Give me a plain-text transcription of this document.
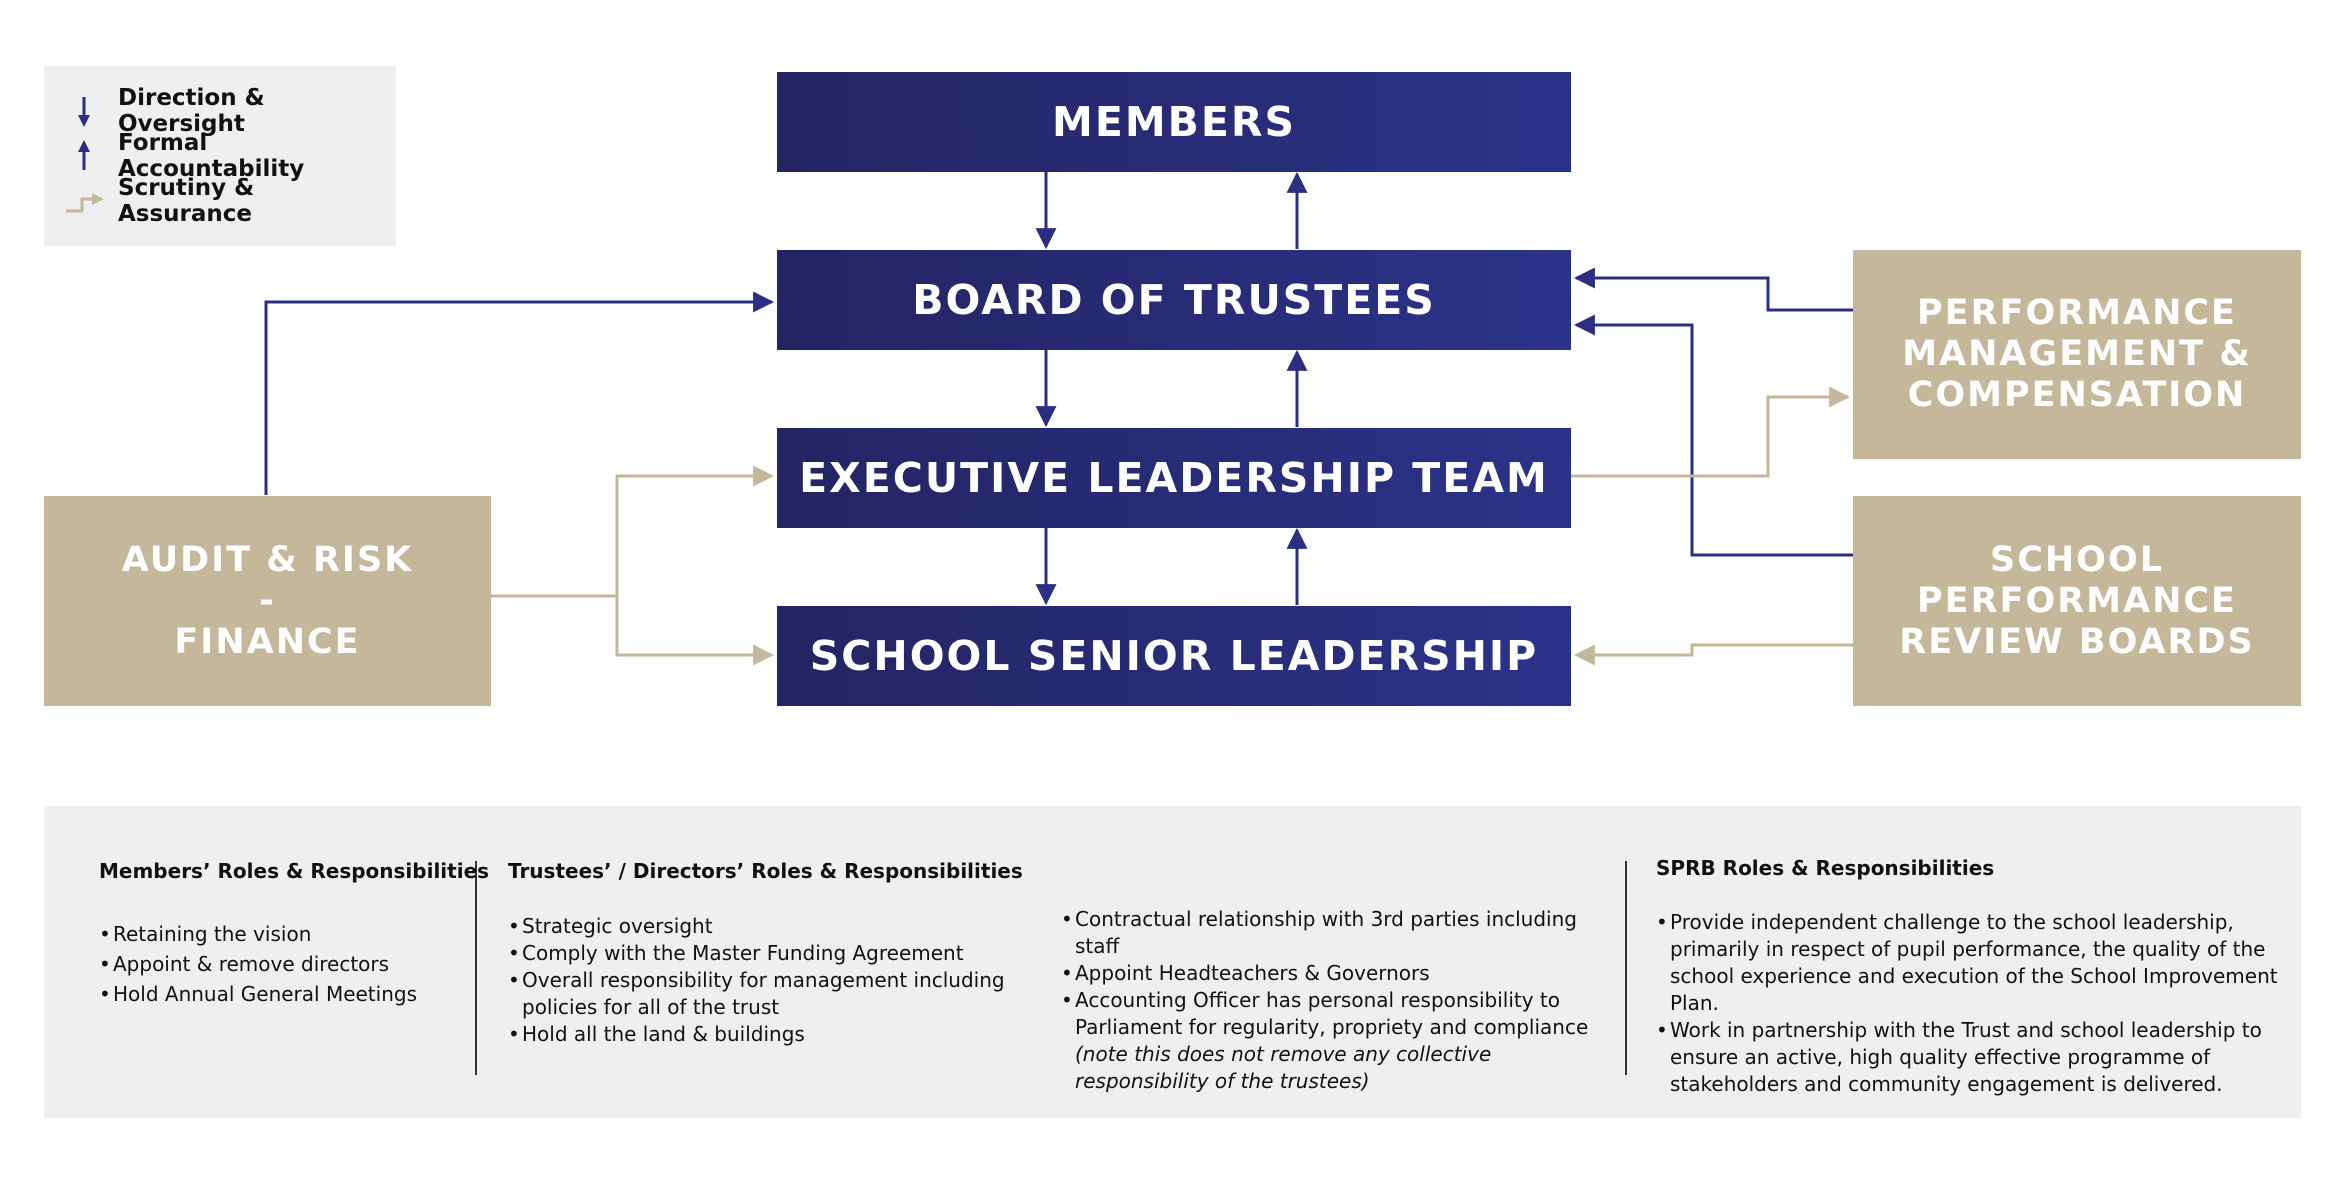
Direction & Oversight
Formal Accountability
Scrutiny & Assurance
MEMBERS
BOARD OF TRUSTEES
EXECUTIVE LEADERSHIP TEAM
SCHOOL SENIOR LEADERSHIP
AUDIT & RISK
-
FINANCE
PERFORMANCE
MANAGEMENT &
COMPENSATION
SCHOOL
PERFORMANCE
REVIEW BOARDS
Members’ Roles & Responsibilities
• Retaining the vision
• Appoint & remove directors
• Hold Annual General Meetings
Trustees’ / Directors’ Roles & Responsibilities
• Strategic oversight
• Comply with the Master Funding Agreement
• Overall responsibility for management including policies for all of the trust
• Hold all the land & buildings
• Contractual relationship with 3rd parties including staff
• Appoint Headteachers & Governors
• Accounting Officer has personal responsibility to Parliament for regularity, propriety and compliance (note this does not remove any collective responsibility of the trustees)
SPRB Roles & Responsibilities
• Provide independent challenge to the school leadership, primarily in respect of pupil performance, the quality of the school experience and execution of the School Improvement Plan.
• Work in partnership with the Trust and school leadership to ensure an active, high quality effective programme of stakeholders and community engagement is delivered.
